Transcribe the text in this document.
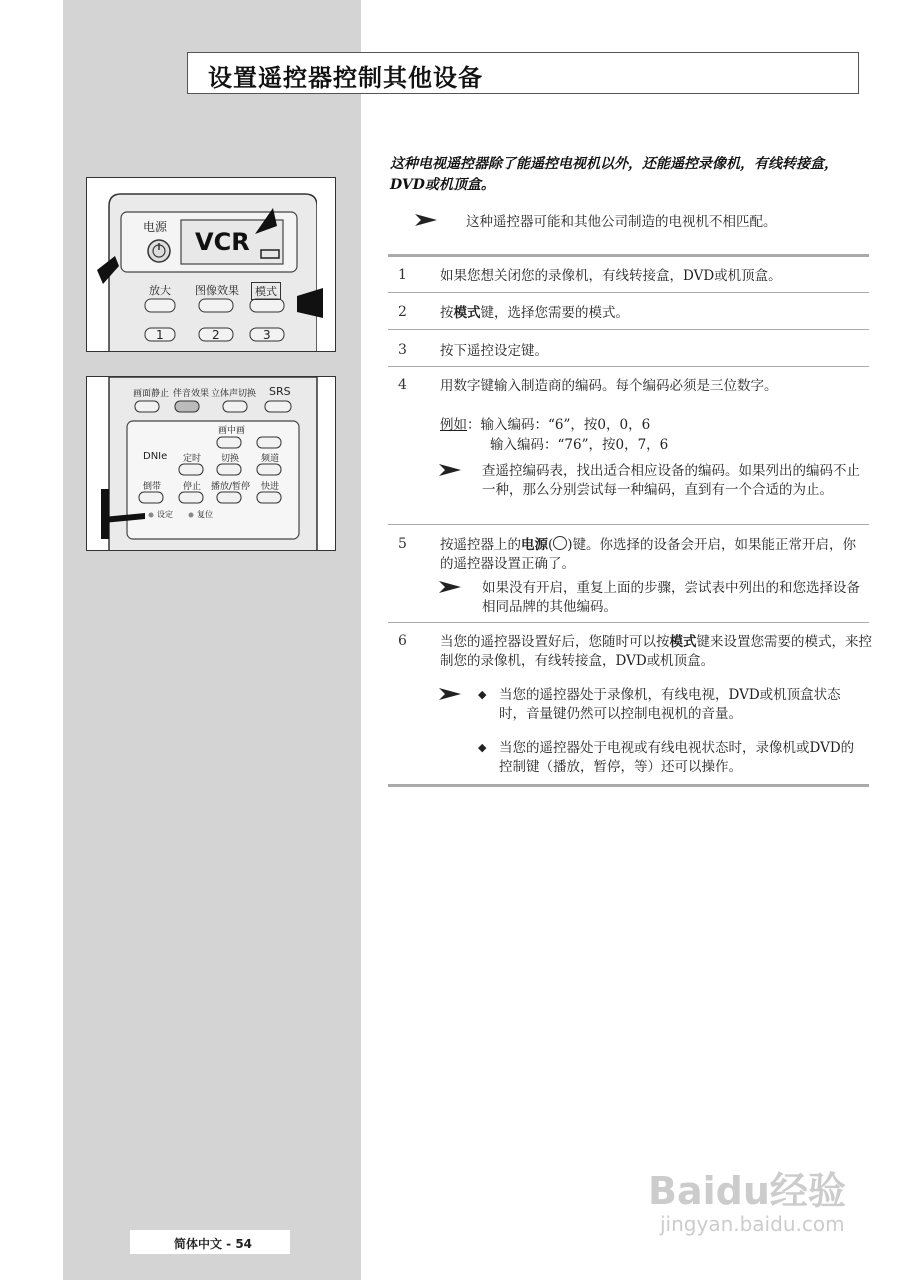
设置遥控器控制其他设备
这种电视遥控器除了能遥控电视机以外，还能遥控录像机，有线转接盒，DVD或机顶盒。
这种遥控器可能和其他公司制造的电视机不相匹配。
1 如果您想关闭您的录像机，有线转接盒，DVD或机顶盒。
2 按模式键，选择您需要的模式。
3 按下遥控设定键。
4 用数字键输入制造商的编码。每个编码必须是三位数字。
例如：输入编码：“6”，按0，0，6
输入编码：“76”，按0，7，6
查遥控编码表，找出适合相应设备的编码。如果列出的编码不止一种，那么分别尝试每一种编码，直到有一个合适的为止。
5 按遥控器上的电源( )键。你选择的设备会开启，如果能正常开启，你的遥控器设置正确了。
如果没有开启，重复上面的步骤，尝试表中列出的和您选择设备相同品牌的其他编码。
6 当您的遥控器设置好后，您随时可以按模式键来设置您需要的模式，来控制您的录像机，有线转接盒，DVD或机顶盒。
◆ 当您的遥控器处于录像机，有线电视，DVD或机顶盒状态时，音量键仍然可以控制电视机的音量。
◆ 当您的遥控器处于电视或有线电视状态时，录像机或DVD的控制键（播放，暂停，等）还可以操作。
电源
VCR
放大 图像效果	模式
1	2	3
画面静止 伴音效果 立体声切换 SRS
画中画
DNIe 定时 切换 频道
倒带 停止 播放/暂停 快进
设定	复位
简体中文 - 54
Baidu经验
jingyan.baidu.com
